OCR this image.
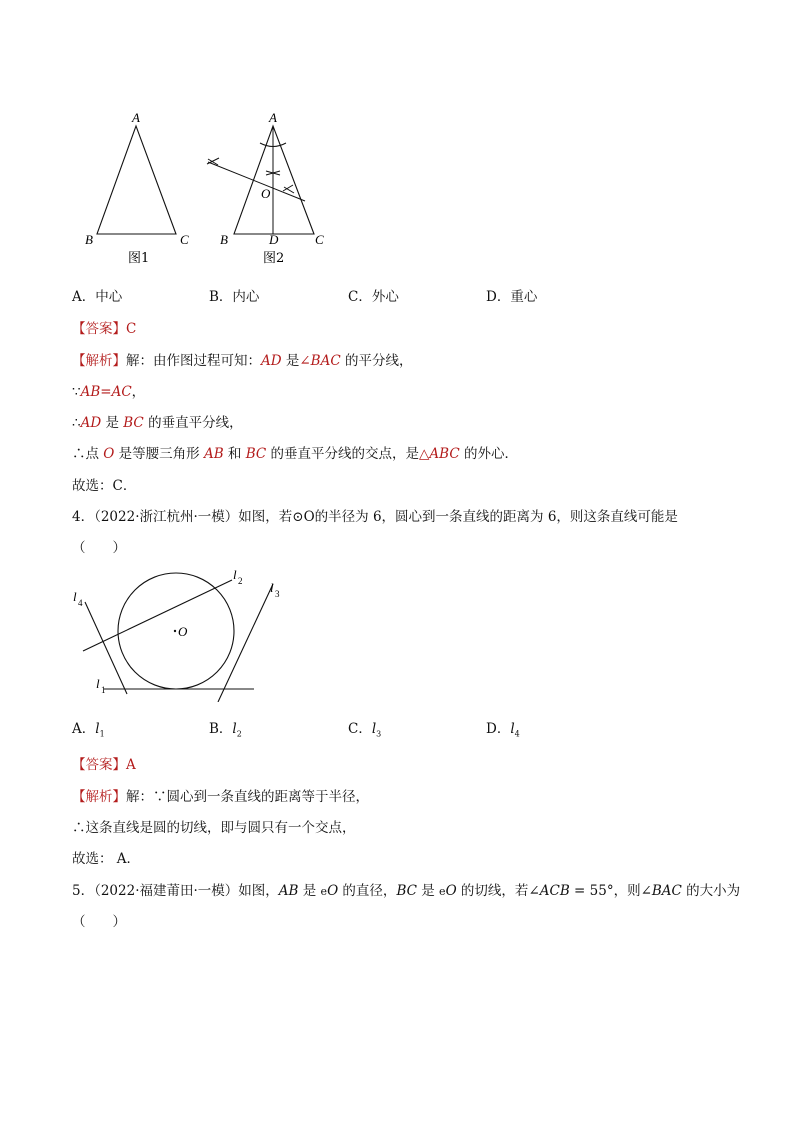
A
B	C
图1
A
O
B	D	C
图2
A．中心	B．内心	C．外心	D．重心
【答案】C
【解析】解：由作图过程可知：AD 是∠BAC 的平分线，
∵AB=AC，
∴AD 是 BC 的垂直平分线，
∴点 O 是等腰三角形 AB 和 BC 的垂直平分线的交点，是△ABC 的外心．
故选：C．
4．（2022·浙江杭州·一模）如图，若⊙O的半径为 6，圆心到一条直线的距离为 6，则这条直线可能是
（　　）
O
l 2 l 3
l 4
l 1
A．$l_1$	B．$l_2$	C．$l_3$	D．$l_4$
【答案】A
【解析】解：∵圆心到一条直线的距离等于半径，
∴这条直线是圆的切线，即与圆只有一个交点，
故选： A．
5．（2022·福建莆田·一模）如图，AB 是 eO 的直径，BC 是 eO 的切线，若∠ACB = 55°，则∠BAC 的大小为
（　　）
